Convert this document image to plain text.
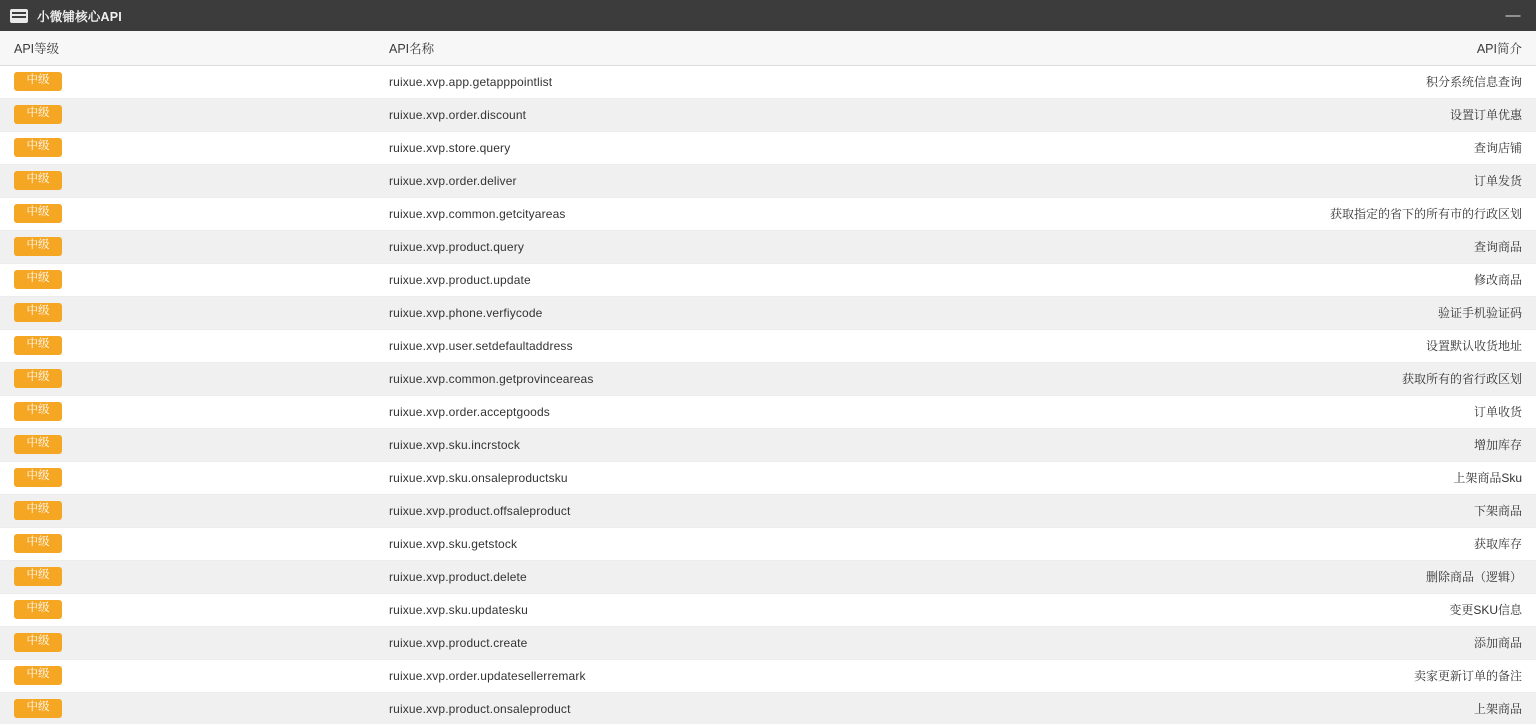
小微铺核心API	—
API等级	API名称	API简介
中级	ruixue.xvp.app.getapppointlist	积分系统信息查询
中级	ruixue.xvp.order.discount	设置订单优惠
中级	ruixue.xvp.store.query	查询店铺
中级	ruixue.xvp.order.deliver	订单发货
中级	ruixue.xvp.common.getcityareas	获取指定的省下的所有市的行政区划
中级	ruixue.xvp.product.query	查询商品
中级	ruixue.xvp.product.update	修改商品
中级	ruixue.xvp.phone.verfiycode	验证手机验证码
中级	ruixue.xvp.user.setdefaultaddress	设置默认收货地址
中级	ruixue.xvp.common.getprovinceareas	获取所有的省行政区划
中级	ruixue.xvp.order.acceptgoods	订单收货
中级	ruixue.xvp.sku.incrstock	增加库存
中级	ruixue.xvp.sku.onsaleproductsku	上架商品Sku
中级	ruixue.xvp.product.offsaleproduct	下架商品
中级	ruixue.xvp.sku.getstock	获取库存
中级	ruixue.xvp.product.delete	删除商品（逻辑）
中级	ruixue.xvp.sku.updatesku	变更SKU信息
中级	ruixue.xvp.product.create	添加商品
中级	ruixue.xvp.order.updatesellerremark	卖家更新订单的备注
中级	ruixue.xvp.product.onsaleproduct	上架商品
